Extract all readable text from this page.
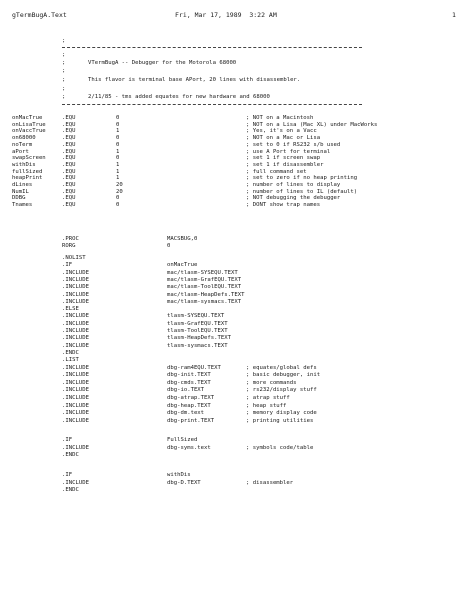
gTermBugA.Text	Fri, Mar 17, 1989  3:22 AM	1
;
;
;	VTermBugA -- Debugger for the Motorola 68000
;
;	This flavor is terminal base APort, 20 lines with disassembler.
;
;	2/11/85 - tms added equates for new hardware and 68000
onMacTrue	.EQU	0	; NOT on a Macintosh
onLisaTrue	.EQU	0	; NOT on a Lisa (Mac XL) under MacWorks
onVaccTrue	.EQU	1	; Yes, it's on a Vacc
on68000	.EQU	0	; NOT on a Mac or Lisa
noTerm	.EQU	0	; set to 0 if RS232 s/b used
aPort	.EQU	1	; use A Port for terminal
swapScreen	.EQU	0	; set 1 if screen swap
withDis	.EQU	1	; set 1 if disassembler
fullSized	.EQU	1	; full command set
heapPrint	.EQU	1	; set to zero if no heap printing
dLines	.EQU	20	; number of lines to display
NumIL	.EQU	20	; number of lines to IL (default)
DDBG	.EQU	0	; NOT debugging the debugger
Tnames	.EQU	0	; DONT show trap names
.PROC	MACSBUG,0
RORG	0
.NOLIST
.IF	onMacTrue
.INCLUDE	mac/tlasm-SYSEQU.TEXT
.INCLUDE	mac/tlasm-GrafEQU.TEXT
.INCLUDE	mac/tlasm-ToolEQU.TEXT
.INCLUDE	mac/tlasm-HeapDefs.TEXT
.INCLUDE	mac/tlasm-sysmacs.TEXT
.ELSE
.INCLUDE	tlasm-SYSEQU.TEXT
.INCLUDE	tlasm-GrafEQU.TEXT
.INCLUDE	tlasm-ToolEQU.TEXT
.INCLUDE	tlasm-HeapDefs.TEXT
.INCLUDE	tlasm-sysmacs.TEXT
.ENDC
.LIST
.INCLUDE	dbg-ram4EQU.TEXT	; equates/global defs
.INCLUDE	dbg-init.TEXT	; basic debugger, init
.INCLUDE	dbg-cmds.TEXT	; more commands
.INCLUDE	dbg-io.TEXT	; rs232/display stuff
.INCLUDE	dbg-atrap.TEXT	; atrap stuff
.INCLUDE	dbg-heap.TEXT	; heap stuff
.INCLUDE	dbg-dm.text	; memory display code
.INCLUDE	dbg-print.TEXT	; printing utilities
.IF	FullSized
.INCLUDE	dbg-syms.text	; symbols code/table
.ENDC
.IF	withDis
.INCLUDE	dbg-D.TEXT	; disassembler
.ENDC
